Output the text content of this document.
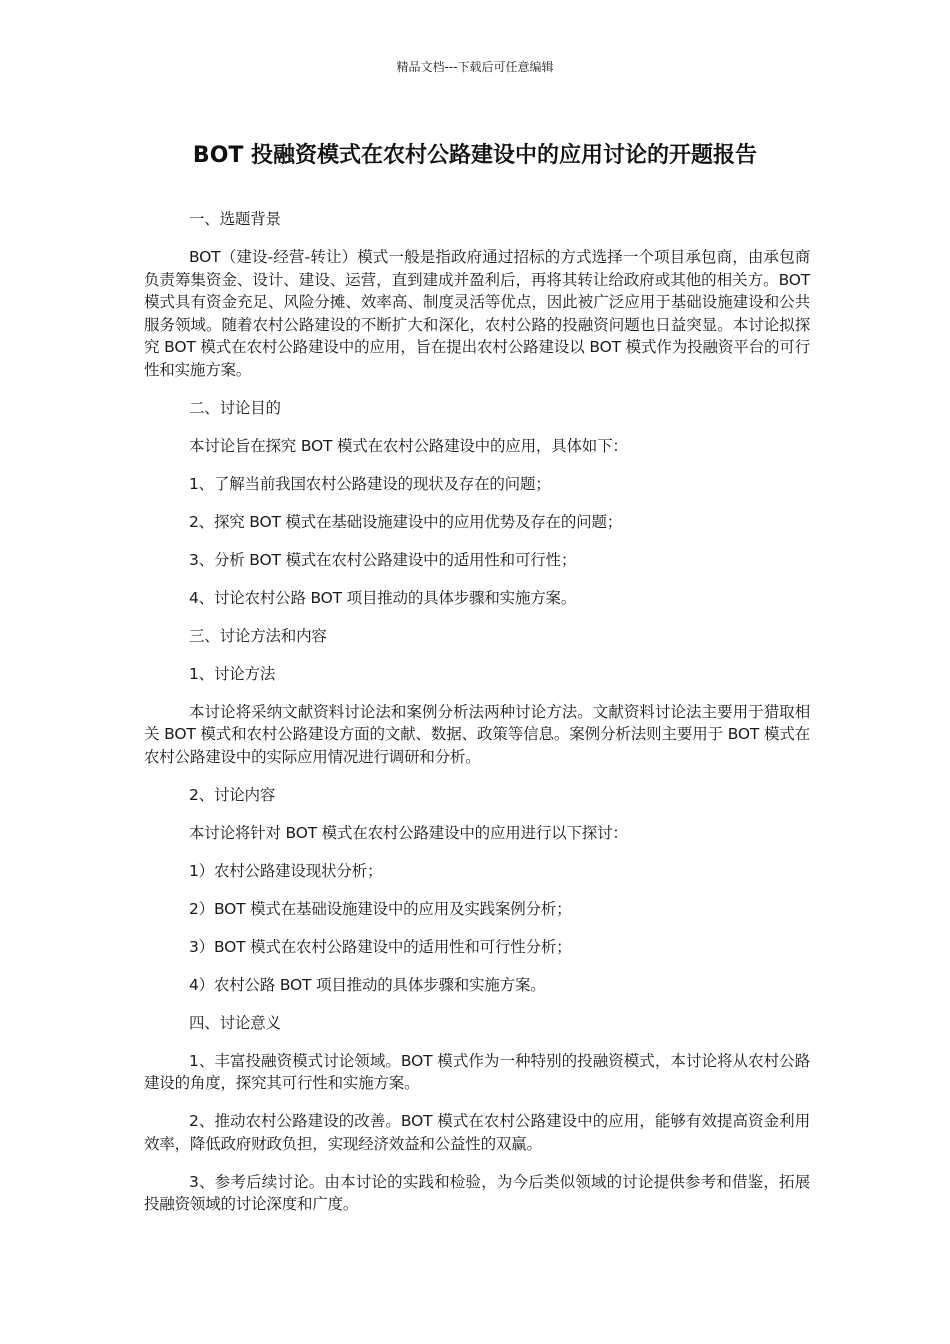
精品文档---下载后可任意编辑
BOT 投融资模式在农村公路建设中的应用讨论的开题报告

一、选题背景

BOT（建设-经营-转让）模式一般是指政府通过招标的方式选择一个项目承包商，由承包商负责筹集资金、设计、建设、运营，直到建成并盈利后，再将其转让给政府或其他的相关方。BOT 模式具有资金充足、风险分摊、效率高、制度灵活等优点，因此被广泛应用于基础设施建设和公共服务领域。随着农村公路建设的不断扩大和深化，农村公路的投融资问题也日益突显。本讨论拟探究 BOT 模式在农村公路建设中的应用，旨在提出农村公路建设以 BOT 模式作为投融资平台的可行性和实施方案。

二、讨论目的

本讨论旨在探究 BOT 模式在农村公路建设中的应用，具体如下：

1、了解当前我国农村公路建设的现状及存在的问题；

2、探究 BOT 模式在基础设施建设中的应用优势及存在的问题；

3、分析 BOT 模式在农村公路建设中的适用性和可行性；

4、讨论农村公路 BOT 项目推动的具体步骤和实施方案。

三、讨论方法和内容

1、讨论方法

本讨论将采纳文献资料讨论法和案例分析法两种讨论方法。文献资料讨论法主要用于猎取相关 BOT 模式和农村公路建设方面的文献、数据、政策等信息。案例分析法则主要用于 BOT 模式在农村公路建设中的实际应用情况进行调研和分析。

2、讨论内容

本讨论将针对 BOT 模式在农村公路建设中的应用进行以下探讨：

1）农村公路建设现状分析；

2）BOT 模式在基础设施建设中的应用及实践案例分析；

3）BOT 模式在农村公路建设中的适用性和可行性分析；

4）农村公路 BOT 项目推动的具体步骤和实施方案。

四、讨论意义

1、丰富投融资模式讨论领域。BOT 模式作为一种特别的投融资模式，本讨论将从农村公路建设的角度，探究其可行性和实施方案。

2、推动农村公路建设的改善。BOT 模式在农村公路建设中的应用，能够有效提高资金利用效率，降低政府财政负担，实现经济效益和公益性的双赢。

3、参考后续讨论。由本讨论的实践和检验，为今后类似领域的讨论提供参考和借鉴，拓展投融资领域的讨论深度和广度。
